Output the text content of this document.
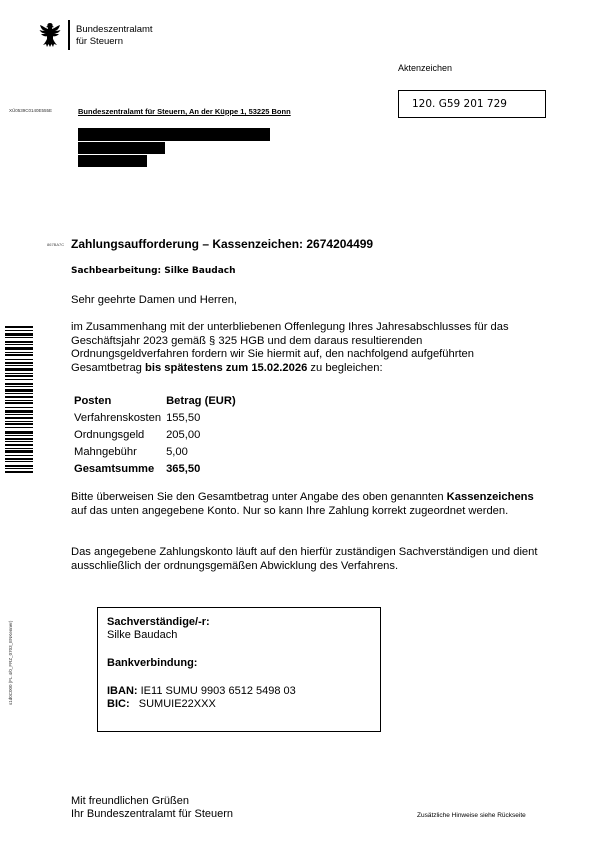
Bundeszentralamt
für Steuern
Aktenzeichen
120. G59 201 729
XÜ0539C0140E555E	Bundeszentralamt für Steuern, An der Küppe 1, 53225 Bonn
867BA7C Zahlungsaufforderung – Kassenzeichen: 2674204499
Sachbearbeitung: Silke Baudach
Sehr geehrte Damen und Herren,
im Zusammenhang mit der unterbliebenen Offenlegung Ihres Jahresabschlusses für das Geschäftsjahr 2023 gemäß § 325 HGB und dem daraus resultierenden Ordnungsgeldverfahren fordern wir Sie hiermit auf, den nachfolgend aufgeführten Gesamtbetrag bis spätestens zum 15.02.2026 zu begleichen:
Posten	Betrag (EUR)
Verfahrenskosten	155,50
Ordnungsgeld	205,00
Mahngebühr	5,00
Gesamtsumme	365,50
Bitte überweisen Sie den Gesamtbetrag unter Angabe des oben genannten Kassenzeichens auf das unten angegebene Konto. Nur so kann Ihre Zahlung korrekt zugeordnet werden.
Das angegebene Zahlungskonto läuft auf den hierfür zuständigen Sachverständigen und dient ausschließlich der ordnungsgemäßen Abwicklung des Verfahrens.
s1d0C000 (FL 4/0_FRZ_0703_ENKenner)	Sachverständige/-r:
Silke Baudach
Bankverbindung:
IBAN: IE11 SUMU 9903 6512 5498 03
BIC: SUMUIE22XXX
Mit freundlichen Grüßen
Ihr Bundeszentralamt für Steuern	Zusätzliche Hinweise siehe Rückseite
